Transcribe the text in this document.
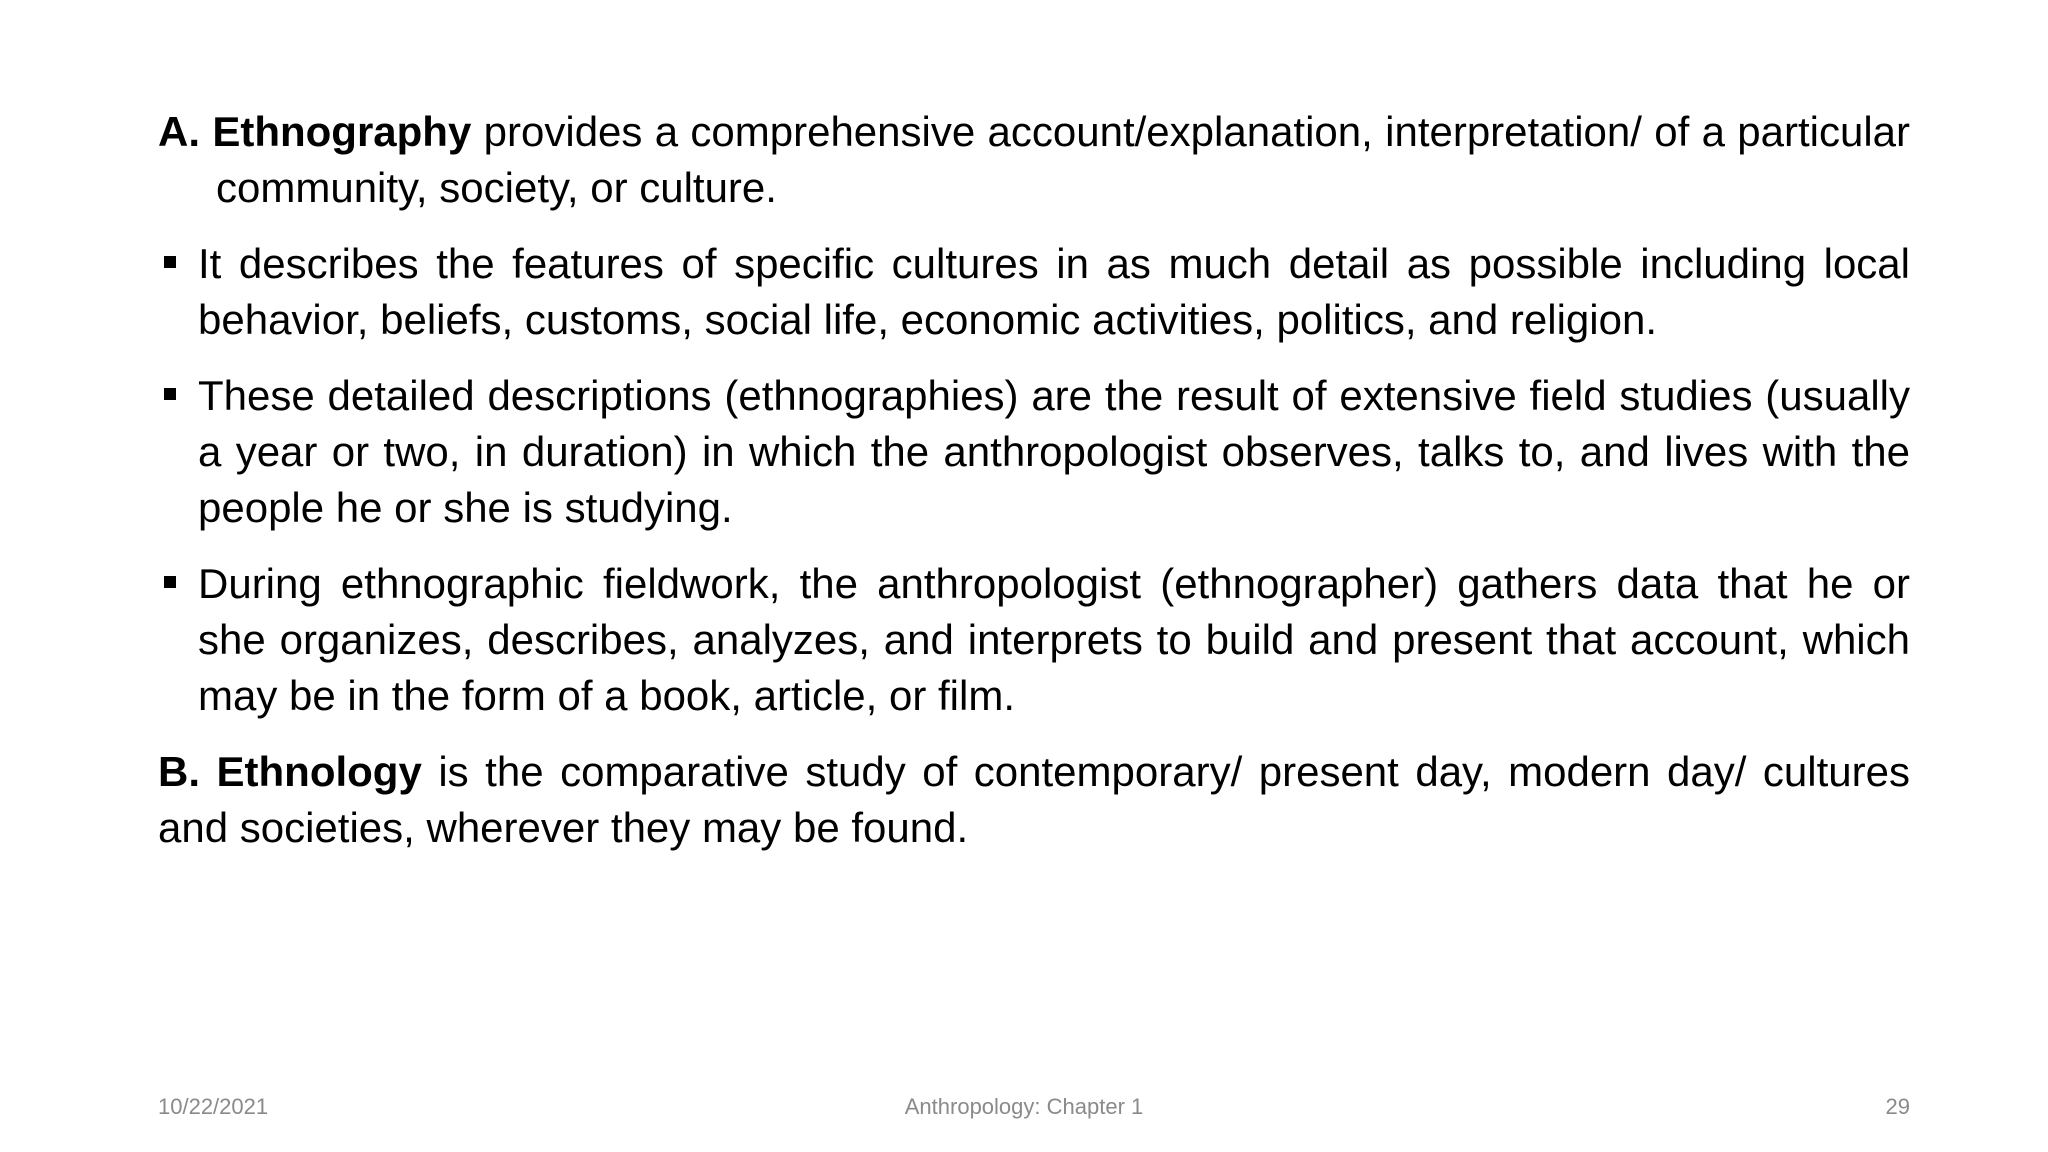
A. Ethnography provides a comprehensive account/explanation, interpretation/ of a particular community, society, or culture.

It describes the features of specific cultures in as much detail as possible including local behavior, beliefs, customs, social life, economic activities, politics, and religion.
These detailed descriptions (ethnographies) are the result of extensive field studies (usually a year or two, in duration) in which the anthropologist observes, talks to, and lives with the people he or she is studying.
During ethnographic fieldwork, the anthropologist (ethnographer) gathers data that he or she organizes, describes, analyzes, and interprets to build and present that account, which may be in the form of a book, article, or film.

B. Ethnology is the comparative study of contemporary/ present day, modern day/ cultures and societies, wherever they may be found.

10/22/2021	Anthropology: Chapter 1	29
